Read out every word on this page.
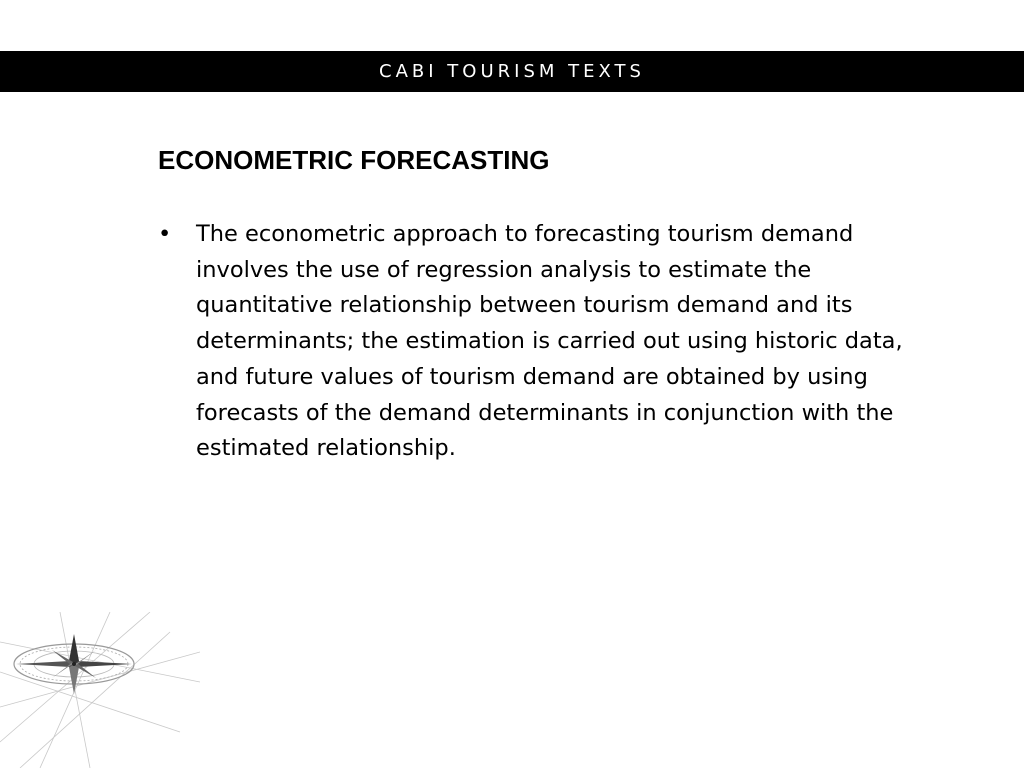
CABI TOURISM TEXTS
ECONOMETRIC FORECASTING
• The econometric approach to forecasting tourism demand involves the use of regression analysis to estimate the quantitative relationship between tourism demand and its determinants; the estimation is carried out using historic data, and future values of tourism demand are obtained by using forecasts of the demand determinants in conjunction with the estimated relationship.
